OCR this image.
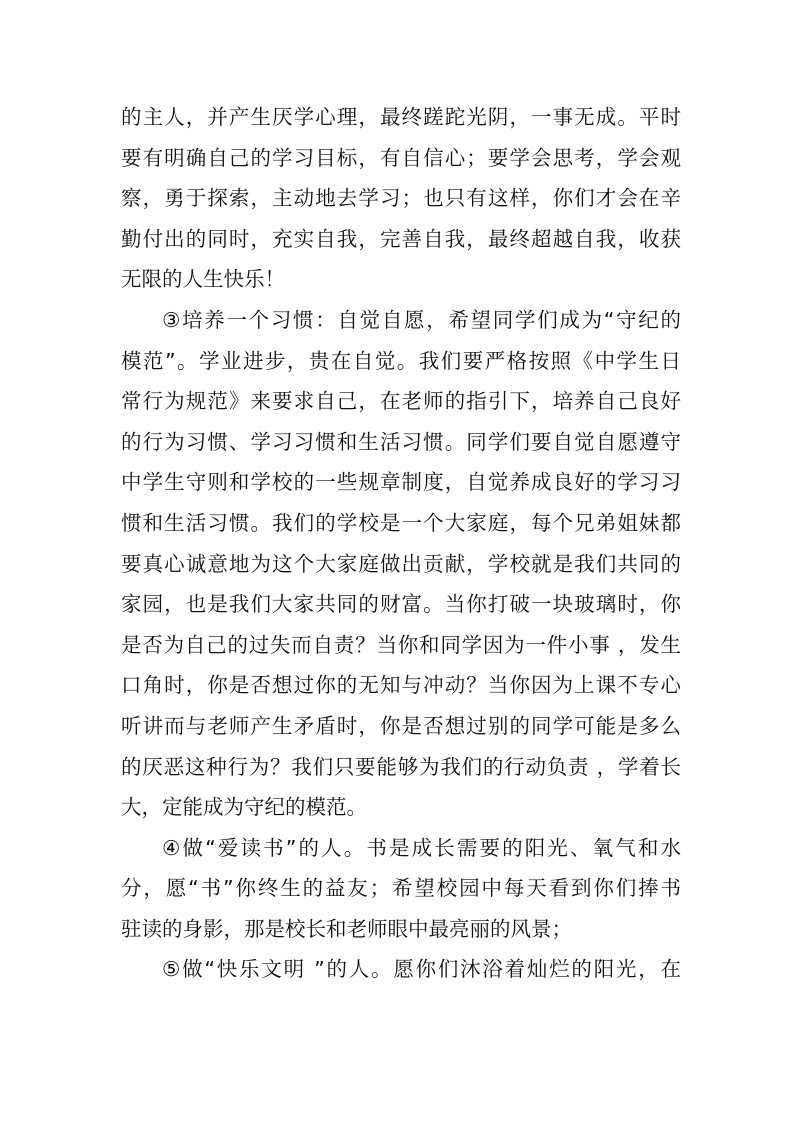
的主人，并产生厌学心理，最终蹉跎光阴，一事无成。平时
要有明确自己的学习目标，有自信心；要学会思考，学会观
察，勇于探索，主动地去学习；也只有这样，你们才会在辛
勤付出的同时，充实自我，完善自我，最终超越自我，收获
无限的人生快乐！
③培养一个习惯：自觉自愿，希望同学们成为“守纪的
模范”。学业进步，贵在自觉。我们要严格按照《中学生日
常行为规范》来要求自己，在老师的指引下，培养自己良好
的行为习惯、学习习惯和生活习惯。同学们要自觉自愿遵守
中学生守则和学校的一些规章制度，自觉养成良好的学习习
惯和生活习惯。我们的学校是一个大家庭，每个兄弟姐妹都
要真心诚意地为这个大家庭做出贡献，学校就是我们共同的
家园，也是我们大家共同的财富。当你打破一块玻璃时，你
是否为自己的过失而自责？当你和同学因为一件小事 ，发生
口角时，你是否想过你的无知与冲动？当你因为上课不专心
听讲而与老师产生矛盾时，你是否想过别的同学可能是多么
的厌恶这种行为？我们只要能够为我们的行动负责 ，学着长
大，定能成为守纪的模范。
④做“爱读书”的人。书是成长需要的阳光、氧气和水
分，愿“书”你终生的益友；希望校园中每天看到你们捧书
驻读的身影，那是校长和老师眼中最亮丽的风景；
⑤做“快乐文明 ”的人。愿你们沐浴着灿烂的阳光，在
